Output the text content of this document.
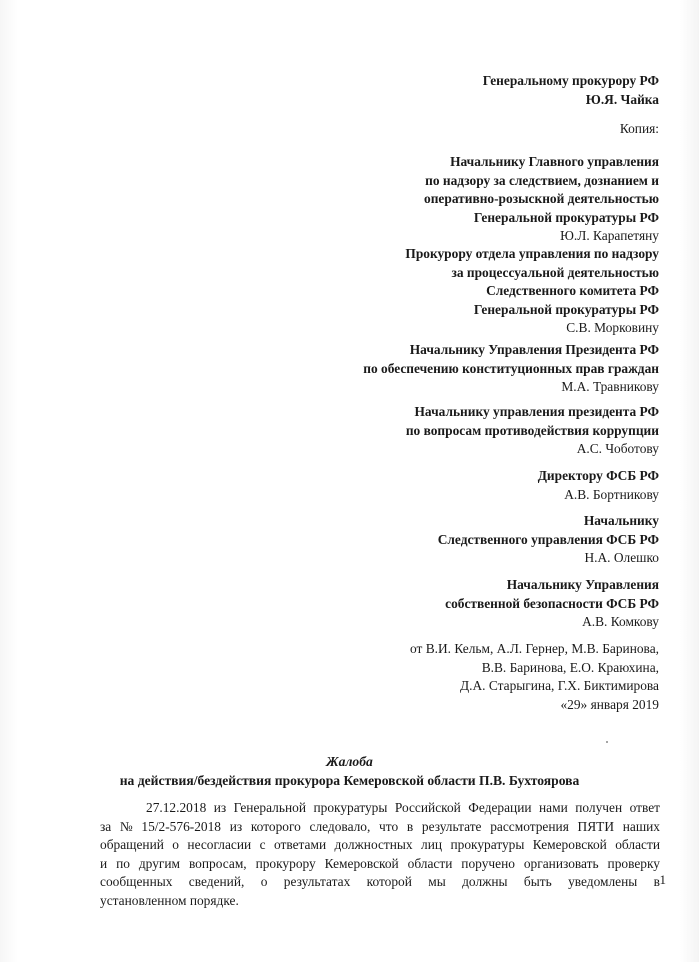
Генеральному прокурору РФ
Ю.Я. Чайка
Копия:
Начальнику Главного управления
по надзору за следствием, дознанием и
оперативно-розыскной деятельностью
Генеральной прокуратуры РФ
Ю.Л. Карапетяну
Прокурору отдела управления по надзору
за процессуальной деятельностью
Следственного комитета РФ
Генеральной прокуратуры РФ
С.В. Морковину
Начальнику Управления Президента РФ
по обеспечению конституционных прав граждан
М.А. Травникову
Начальнику управления президента РФ
по вопросам противодействия коррупции
А.С. Чоботову
Директору ФСБ РФ
А.В. Бортникову
Начальнику
Следственного управления ФСБ РФ
Н.А. Олешко
Начальнику Управления
собственной безопасности ФСБ РФ
А.В. Комкову
от В.И. Кельм, А.Л. Гернер, М.В. Баринова,
В.В. Баринова, Е.О. Краюхина,
Д.А. Старыгина, Г.Х. Биктимирова
«29» января 2019
Жалоба
на действия/бездействия прокурора Кемеровской области П.В. Бухтоярова
27.12.2018 из Генеральной прокуратуры Российской Федерации нами получен ответ
за № 15/2-576-2018 из которого следовало, что в результате рассмотрения ПЯТИ наших
обращений о несогласии с ответами должностных лиц прокуратуры Кемеровской области
и по другим вопросам, прокурору Кемеровской области поручено организовать проверку
сообщенных сведений, о результатах которой мы должны быть уведомлены в
установленном порядке.
1
